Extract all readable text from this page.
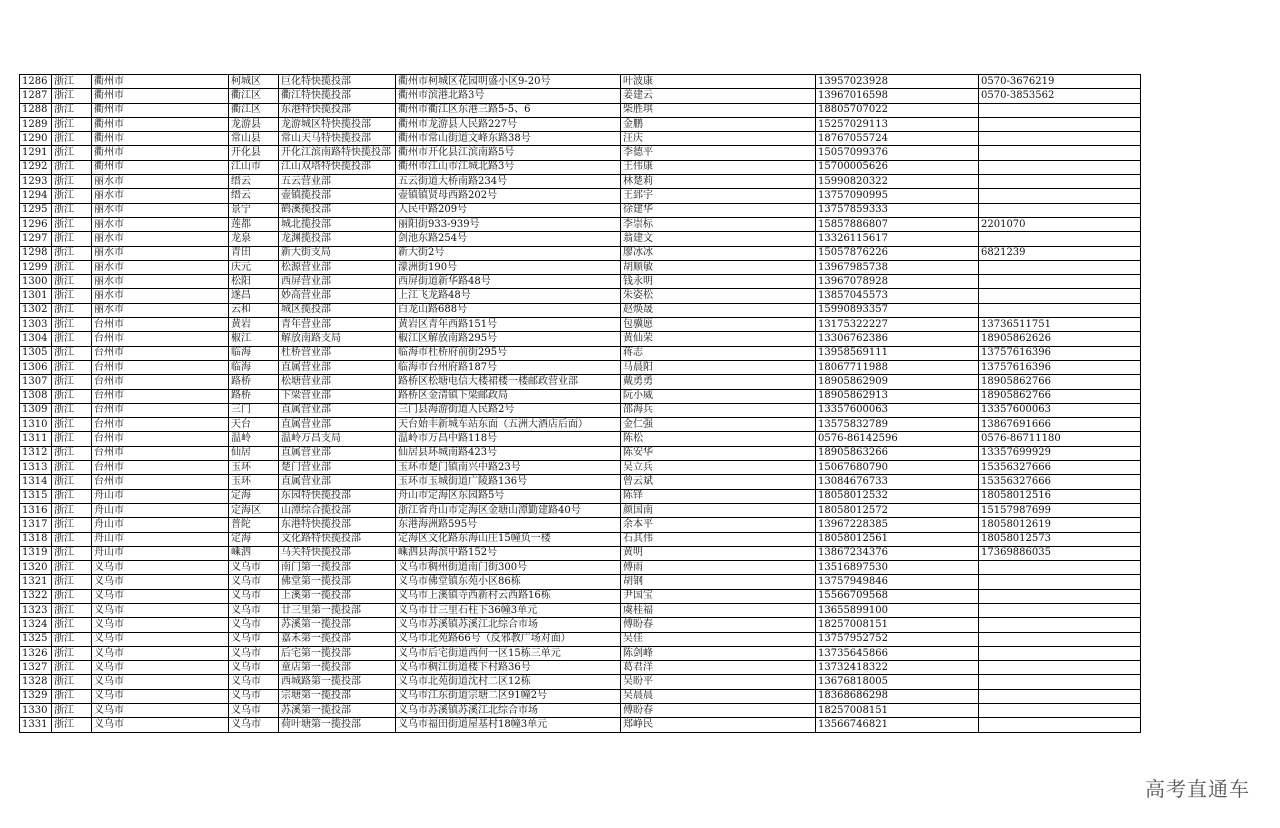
1286	浙江	衢州市	柯城区	巨化特快揽投部	衢州市柯城区花园明盛小区9-20号	叶波康	13957023928	0570-3676219
1287	浙江	衢州市	衢江区	衢江特快揽投部	衢州市滨港北路3号	姜建云	13967016598	0570-3853562
1288	浙江	衢州市	衢江区	东港特快揽投部	衢州市衢江区东港三路5-5、6	柴胜琪	18805707022	
1289	浙江	衢州市	龙游县	龙游城区特快揽投部	衢州市龙游县人民路227号	金鹏	15257029113	
1290	浙江	衢州市	常山县	常山天马特快揽投部	衢州市常山街道文峰东路38号	汪庆	18767055724	
1291	浙江	衢州市	开化县	开化江滨南路特快揽投部	衢州市开化县江滨南路5号	李德平	15057099376	
1292	浙江	衢州市	江山市	江山双塔特快揽投部	衢州市江山市江城北路3号	王伟康	15700005626	
1293	浙江	丽水市	缙云	五云营业部	五云街道大桥南路234号	林楚莉	15990820322	
1294	浙江	丽水市	缙云	壶镇揽投部	壶镇镇贤母西路202号	王郅宇	13757090995	
1295	浙江	丽水市	景宁	鹤溪揽投部	人民中路209号	徐建华	13757859333	
1296	浙江	丽水市	莲都	城北揽投部	丽阳街933-939号	李崇标	15857886807	2201070
1297	浙江	丽水市	龙泉	龙渊揽投部	剑池东路254号	翁建文	13326115617	
1298	浙江	丽水市	青田	新大街支局	新大街2号	廖冰冰	15057876226	6821239
1299	浙江	丽水市	庆元	松源营业部	濛洲街190号	胡顺敏	13967985738	
1300	浙江	丽水市	松阳	西屏营业部	西屏街道新华路48号	钱永明	13967078928	
1301	浙江	丽水市	遂昌	妙高营业部	上江飞龙路48号	朱姿松	13857045573	
1302	浙江	丽水市	云和	城区揽投部	白龙山路688号	赵焕晟	15990893357	
1303	浙江	台州市	黄岩	青年营业部	黄岩区青年西路151号	包骥愿	13175322227	13736511751
1304	浙江	台州市	椒江	解放南路支局	椒江区解放南路295号	黄仙荣	13306762386	18905862626
1305	浙江	台州市	临海	杜桥营业部	临海市杜桥府前街295号	蒋志	13958569111	13757616396
1306	浙江	台州市	临海	直属营业部	临海市台州府路187号	马晨阳	18067711988	13757616396
1307	浙江	台州市	路桥	松塘营业部	路桥区松塘电信大楼裙楼一楼邮政营业部	戴勇勇	18905862909	18905862766
1308	浙江	台州市	路桥	下梁营业部	路桥区金清镇下梁邮政局	阮小威	18905862913	18905862766
1309	浙江	台州市	三门	直属营业部	三门县海游街道人民路2号	邵海兵	13357600063	13357600063
1310	浙江	台州市	天台	直属营业部	天台始丰新城车站东面（五洲大酒店后面）	金仁强	13575832789	13867691666
1311	浙江	台州市	温岭	温岭万昌支局	温岭市万昌中路118号	陈松	0576-86142596	0576-86711180
1312	浙江	台州市	仙居	直属营业部	仙居县环城南路423号	陈安华	18905863266	13357699929
1313	浙江	台州市	玉环	楚门营业部	玉环市楚门镇南兴中路23号	吴立兵	15067680790	15356327666
1314	浙江	台州市	玉环	直属营业部	玉环市玉城街道广陵路136号	曾云斌	13084676733	15356327666
1315	浙江	舟山市	定海	东园特快揽投部	舟山市定海区东园路5号	陈铎	18058012532	18058012516
1316	浙江	舟山市	定海区	山潭综合揽投部	浙江省舟山市定海区金塘山潭勤建路40号	颜国南	18058012572	15157987699
1317	浙江	舟山市	普陀	东港特快揽投部	东港海洲路595号	余本平	13967228385	18058012619
1318	浙江	舟山市	定海	文化路特快揽投部	定海区文化路东海山庄15幢负一楼	石其伟	18058012561	18058012573
1319	浙江	舟山市	嵊泗	马关特快揽投部	嵊泗县海滨中路152号	黄明	13867234376	17369886035
1320	浙江	义乌市	义乌市	南门第一揽投部	义乌市稠州街道南门街300号	傅雨	13516897530	
1321	浙江	义乌市	义乌市	佛堂第一揽投部	义乌市佛堂镇东苑小区86栋	胡钢	13757949846	
1322	浙江	义乌市	义乌市	上溪第一揽投部	义乌市上溪镇寺西新村云西路16栋	尹国宝	15566709568	
1323	浙江	义乌市	义乌市	廿三里第一揽投部	义乌市廿三里石柱下36幢3单元	虞桂福	13655899100	
1324	浙江	义乌市	义乌市	苏溪第一揽投部	义乌市苏溪镇苏溪江北综合市场	傅盼春	18257008151	
1325	浙江	义乌市	义乌市	嘉禾第一揽投部	义乌市北苑路66号（反邪教广场对面）	吴佳	13757952752	
1326	浙江	义乌市	义乌市	后宅第一揽投部	义乌市后宅街道西何一区15栋三单元	陈剑峰	13735645866	
1327	浙江	义乌市	义乌市	童店第一揽投部	义乌市稠江街道楼下村路36号	葛君洋	13732418322	
1328	浙江	义乌市	义乌市	西城路第一揽投部	义乌市北苑街道沈村二区12栋	吴盼平	13676818005	
1329	浙江	义乌市	义乌市	宗塘第一揽投部	义乌市江东街道宗塘二区91幢2号	吴晨晨	18368686298	
1330	浙江	义乌市	义乌市	苏溪第一揽投部	义乌市苏溪镇苏溪江北综合市场	傅盼春	18257008151	
1331	浙江	义乌市	义乌市	荷叶塘第一揽投部	义乌市福田街道屋基村18幢3单元	郑峥民	13566746821	
高考直通车
